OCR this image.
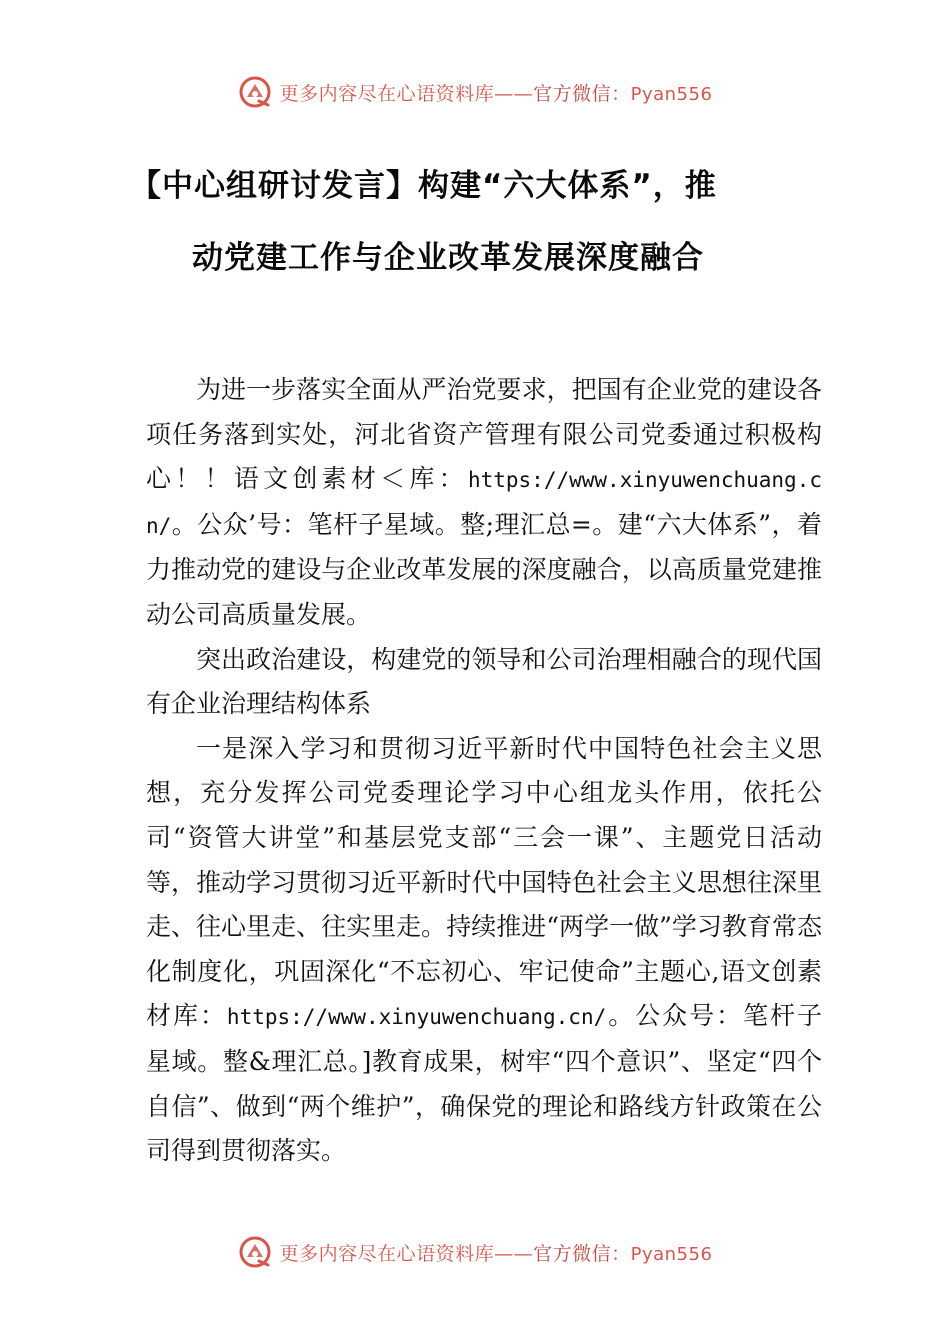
更多内容尽在心语资料库——官方微信：Pyan556
【中心组研讨发言】构建“六大体系”，推
动党建工作与企业改革发展深度融合

为进一步落实全面从严治党要求，把国有企业党的建设各项任务落到实处，河北省资产管理有限公司党委通过积极构心！！语文创素材＜库：https://www.xinyuwenchuang.cn/。公众’号：笔杆子星域。整;理汇总=。建“六大体系”，着力推动党的建设与企业改革发展的深度融合，以高质量党建推动公司高质量发展。

突出政治建设，构建党的领导和公司治理相融合的现代国有企业治理结构体系

一是深入学习和贯彻习近平新时代中国特色社会主义思想，充分发挥公司党委理论学习中心组龙头作用，依托公司“资管大讲堂”和基层党支部“三会一课”、主题党日活动等，推动学习贯彻习近平新时代中国特色社会主义思想往深里走、往心里走、往实里走。持续推进“两学一做”学习教育常态化制度化，巩固深化“不忘初心、牢记使命”主题心,语文创素材库：https://www.xinyuwenchuang.cn/。公众号：笔杆子星域。整&理汇总。]教育成果，树牢“四个意识”、坚定“四个自信”、做到“两个维护”，确保党的理论和路线方针政策在公司得到贯彻落实。

更多内容尽在心语资料库——官方微信：Pyan556
